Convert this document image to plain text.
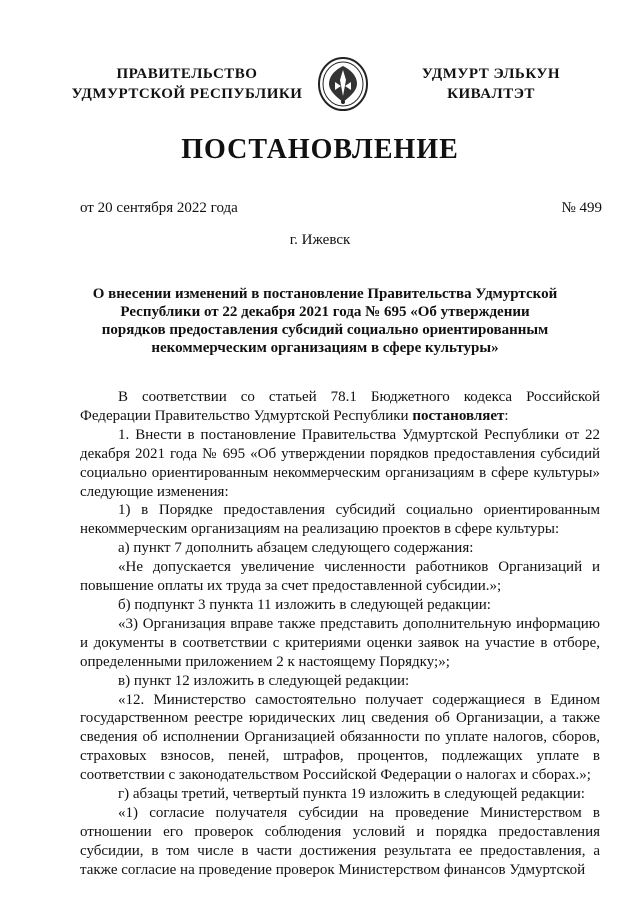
ПРАВИТЕЛЬСТВО
УДМУРТСКОЙ РЕСПУБЛИКИ
УДМУРТ ЭЛЬКУН
КИВАЛТЭТ
ПОСТАНОВЛЕНИЕ
от 20 сентября 2022 года	№ 499
г. Ижевск
О внесении изменений в постановление Правительства Удмуртской Республики от 22 декабря 2021 года № 695 «Об утверждении порядков предоставления субсидий социально ориентированным некоммерческим организациям в сфере культуры»

В соответствии со статьей 78.1 Бюджетного кодекса Российской Федерации Правительство Удмуртской Республики постановляет:

1. Внести в постановление Правительства Удмуртской Республики от 22 декабря 2021 года № 695 «Об утверждении порядков предоставления субсидий социально ориентированным некоммерческим организациям в сфере культуры» следующие изменения:

1) в Порядке предоставления субсидий социально ориентированным некоммерческим организациям на реализацию проектов в сфере культуры:

а) пункт 7 дополнить абзацем следующего содержания:

«Не допускается увеличение численности работников Организаций и повышение оплаты их труда за счет предоставленной субсидии.»;

б) подпункт 3 пункта 11 изложить в следующей редакции:

«3) Организация вправе также представить дополнительную информацию и документы в соответствии с критериями оценки заявок на участие в отборе, определенными приложением 2 к настоящему Порядку;»;

в) пункт 12 изложить в следующей редакции:

«12. Министерство самостоятельно получает содержащиеся в Едином государственном реестре юридических лиц сведения об Организации, а также сведения об исполнении Организацией обязанности по уплате налогов, сборов, страховых взносов, пеней, штрафов, процентов, подлежащих уплате в соответствии с законодательством Российской Федерации о налогах и сборах.»;

г) абзацы третий, четвертый пункта 19 изложить в следующей редакции:

«1) согласие получателя субсидии на проведение Министерством в отношении его проверок соблюдения условий и порядка предоставления субсидии, в том числе в части достижения результата ее предоставления, а также согласие на проведение проверок Министерством финансов Удмуртской
